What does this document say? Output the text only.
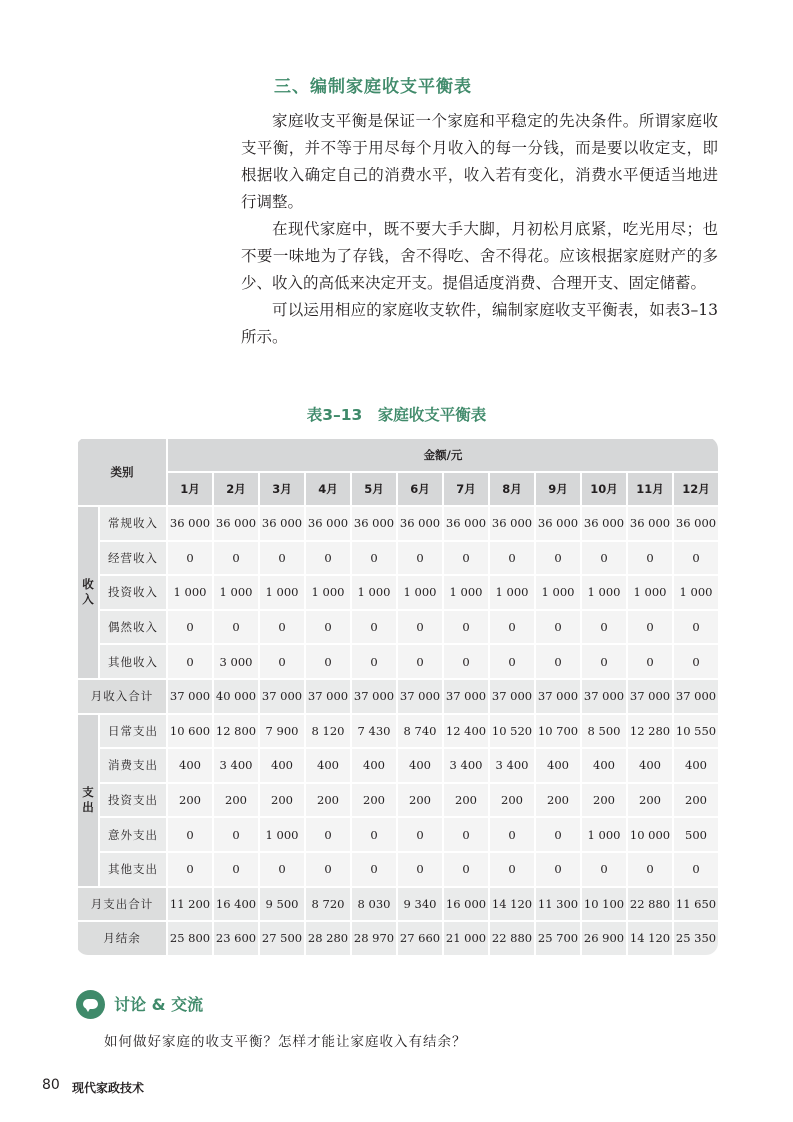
三、编制家庭收支平衡表

家庭收支平衡是保证一个家庭和平稳定的先决条件。所谓家庭收支平衡，并不等于用尽每个月收入的每一分钱，而是要以收定支，即根据收入确定自己的消费水平，收入若有变化，消费水平便适当地进行调整。

在现代家庭中，既不要大手大脚，月初松月底紧，吃光用尽；也不要一味地为了存钱，舍不得吃、舍不得花。应该根据家庭财产的多少、收入的高低来决定开支。提倡适度消费、合理开支、固定储蓄。

可以运用相应的家庭收支软件，编制家庭收支平衡表，如表3–13所示。

表3–13　家庭收支平衡表
类别		金额/元											
		1月	2月	3月	4月	5月	6月	7月	8月	9月	10月	11月	12月
收入	常规收入	36 000	36 000	36 000	36 000	36 000	36 000	36 000	36 000	36 000	36 000	36 000	36 000
	经营收入	0	0	0	0	0	0	0	0	0	0	0	0
	投资收入	1 000	1 000	1 000	1 000	1 000	1 000	1 000	1 000	1 000	1 000	1 000	1 000
	偶然收入	0	0	0	0	0	0	0	0	0	0	0	0
	其他收入	0	3 000	0	0	0	0	0	0	0	0	0	0
月收入合计		37 000	40 000	37 000	37 000	37 000	37 000	37 000	37 000	37 000	37 000	37 000	37 000
支出	日常支出	10 600	12 800	7 900	8 120	7 430	8 740	12 400	10 520	10 700	8 500	12 280	10 550
	消费支出	400	3 400	400	400	400	400	3 400	3 400	400	400	400	400
	投资支出	200	200	200	200	200	200	200	200	200	200	200	200
	意外支出	0	0	1 000	0	0	0	0	0	0	1 000	10 000	500
	其他支出	0	0	0	0	0	0	0	0	0	0	0	0
月支出合计		11 200	16 400	9 500	8 720	8 030	9 340	16 000	14 120	11 300	10 100	22 880	11 650
月结余		25 800	23 600	27 500	28 280	28 970	27 660	21 000	22 880	25 700	26 900	14 120	25 350
讨论 & 交流
如何做好家庭的收支平衡？怎样才能让家庭收入有结余？
80 现代家政技术
